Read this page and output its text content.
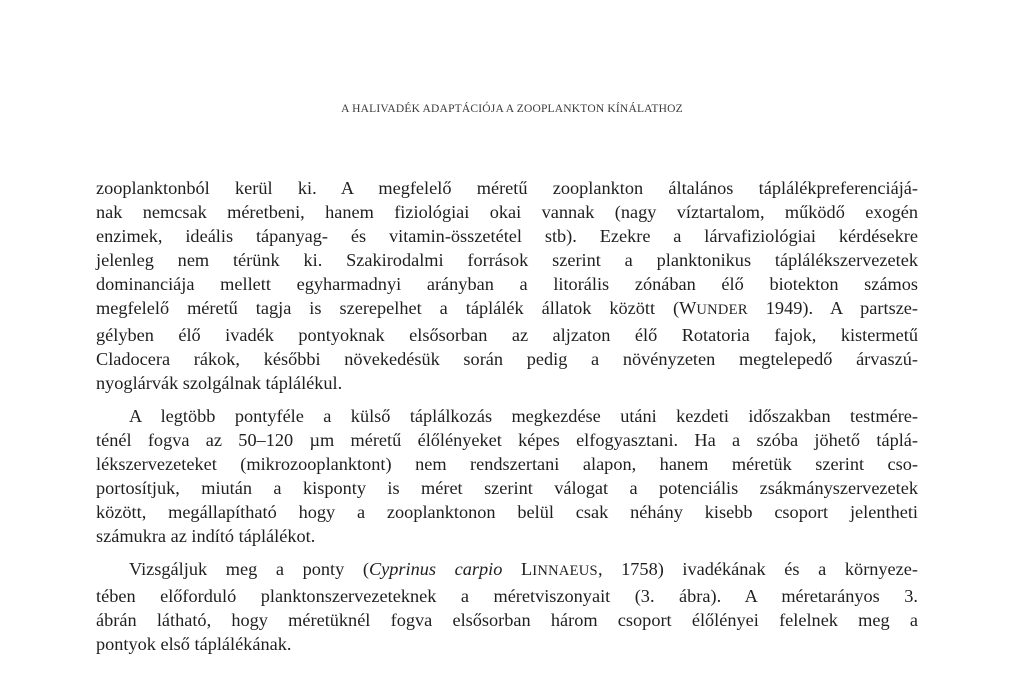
A HALIVADÉK ADAPTÁCIÓJA A ZOOPLANKTON KÍNÁLATHOZ

zooplanktonból kerül ki. A megfelelő méretű zooplankton általános táplálékpreferenciájá-
nak nemcsak méretbeni, hanem fiziológiai okai vannak (nagy víztartalom, működő exogén
enzimek, ideális tápanyag- és vitamin-összetétel stb). Ezekre a lárvafiziológiai kérdésekre
jelenleg nem térünk ki. Szakirodalmi források szerint a planktonikus táplálékszervezetek
dominanciája mellett egyharmadnyi arányban a litorális zónában élő biotekton számos
megfelelő méretű tagja is szerepelhet a táplálék állatok között (WUNDER 1949). A partsze-
gélyben élő ivadék pontyoknak elsősorban az aljzaton élő Rotatoria fajok, kistermetű
Cladocera rákok, későbbi növekedésük során pedig a növényzeten megtelepedő árvaszú-
nyoglárvák szolgálnak táplálékul.

A legtöbb pontyféle a külső táplálkozás megkezdése utáni kezdeti időszakban testmére-
ténél fogva az 50–120 µm méretű élőlényeket képes elfogyasztani. Ha a szóba jöhető táplá-
lékszervezeteket (mikrozooplanktont) nem rendszertani alapon, hanem méretük szerint cso-
portosítjuk, miután a kisponty is méret szerint válogat a potenciális zsákmányszervezetek
között, megállapítható hogy a zooplanktonon belül csak néhány kisebb csoport jelentheti
számukra az indító táplálékot.

Vizsgáljuk meg a ponty (Cyprinus carpio LINNAEUS, 1758) ivadékának és a környeze-
tében előforduló planktonszervezeteknek a méretviszonyait (3. ábra). A méretarányos 3.
ábrán látható, hogy méretüknél fogva elsősorban három csoport élőlényei felelnek meg a
pontyok első táplálékának.
